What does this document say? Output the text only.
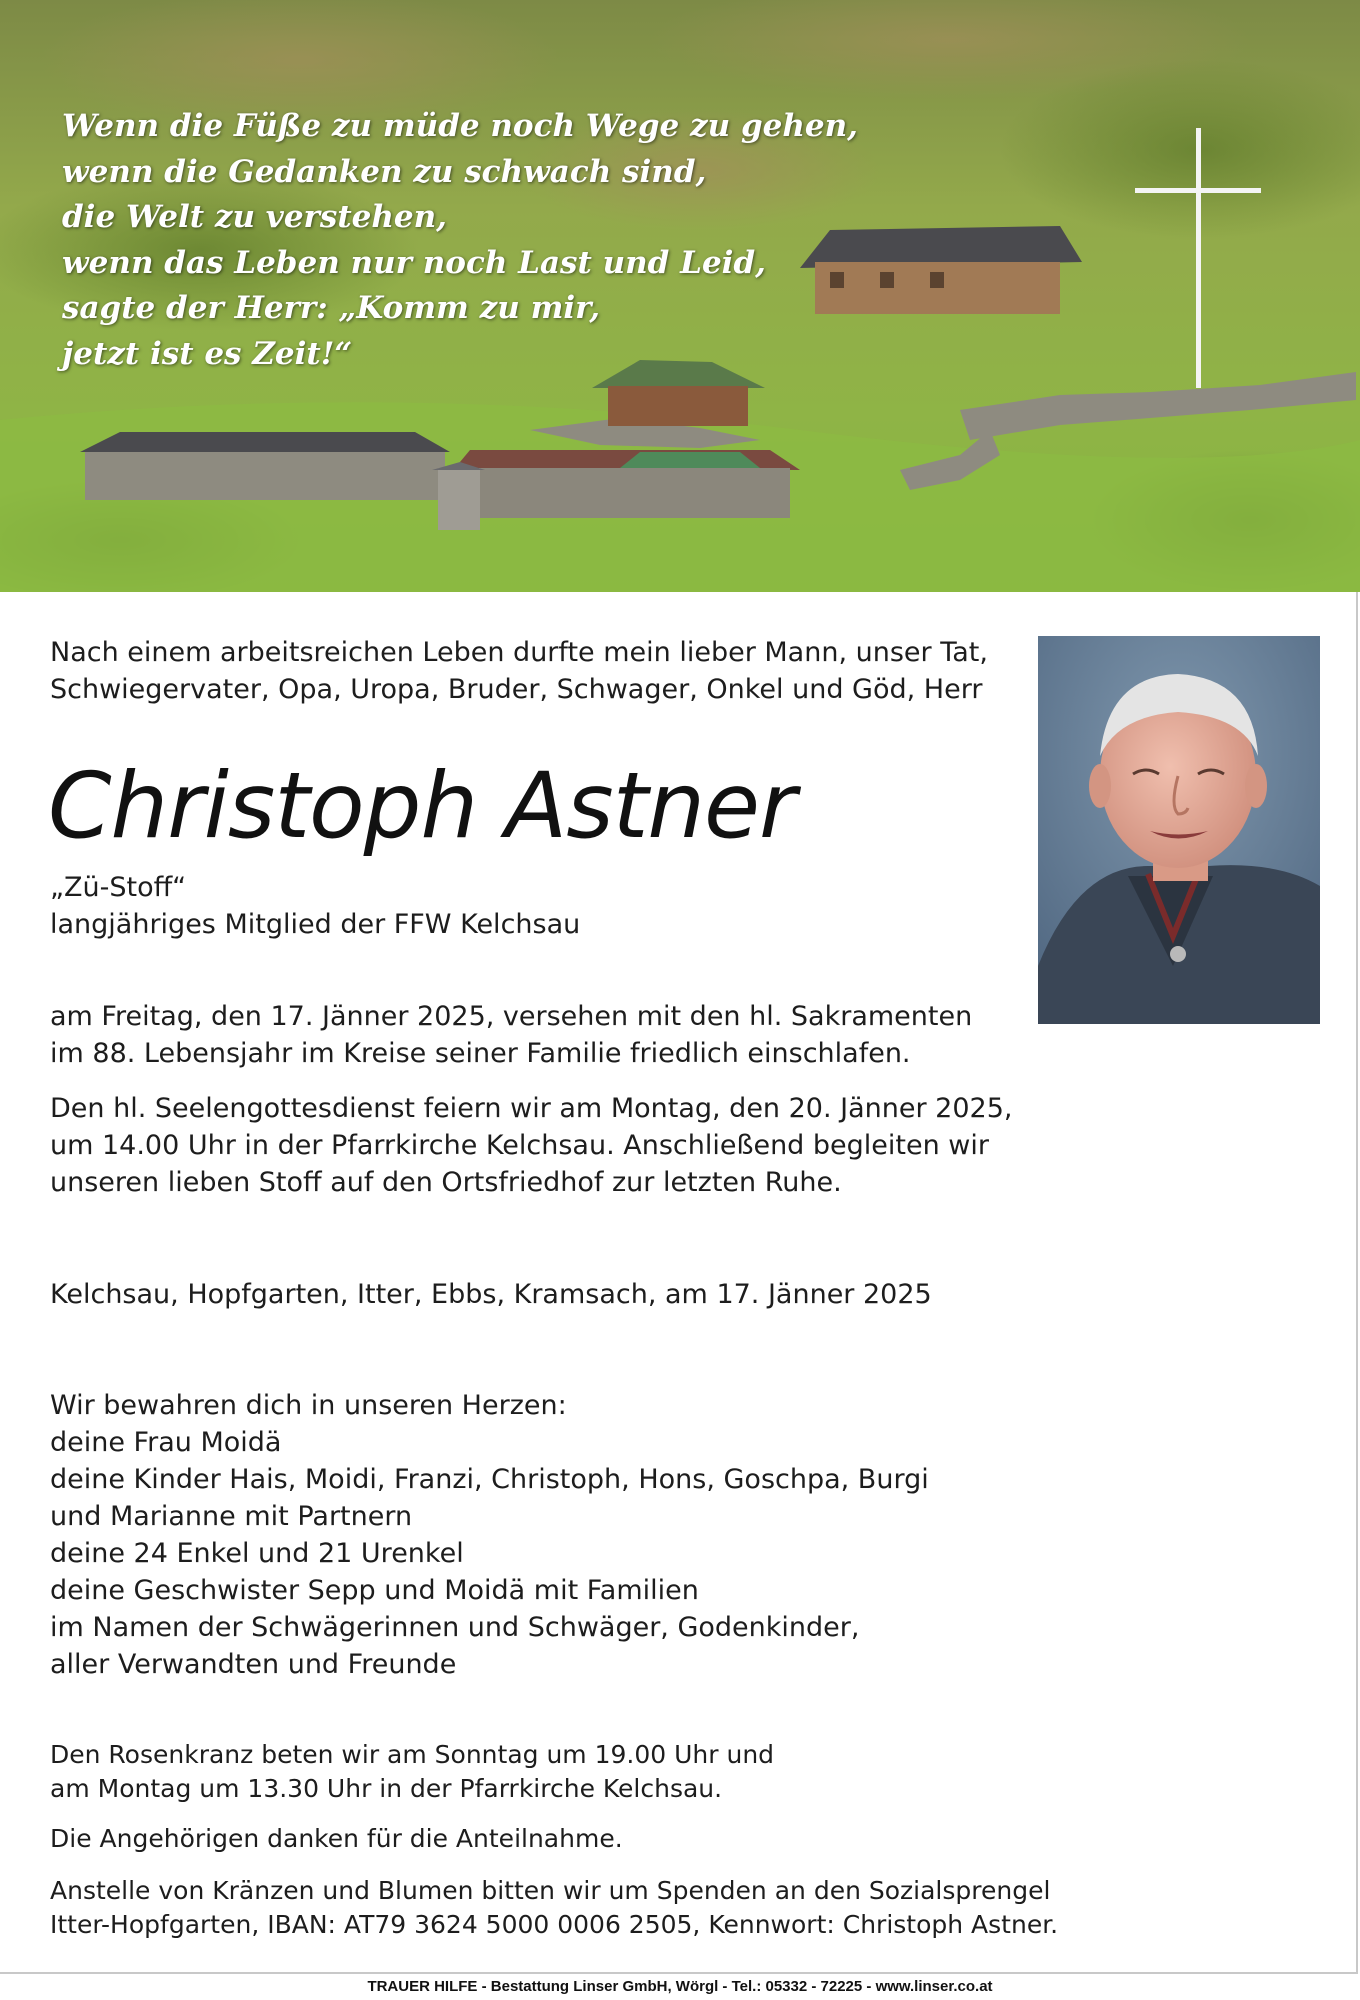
Wenn die Füße zu müde noch Wege zu gehen,
wenn die Gedanken zu schwach sind,
die Welt zu verstehen,
wenn das Leben nur noch Last und Leid,
sagte der Herr: „Komm zu mir,
jetzt ist es Zeit!“
Nach einem arbeitsreichen Leben durfte mein lieber Mann, unser Tat,
Schwiegervater, Opa, Uropa, Bruder, Schwager, Onkel und Göd, Herr
Christoph Astner
„Zü-Stoff“
langjähriges Mitglied der FFW Kelchsau
am Freitag, den 17. Jänner 2025, versehen mit den hl. Sakramenten
im 88. Lebensjahr im Kreise seiner Familie friedlich einschlafen.
Den hl. Seelengottesdienst feiern wir am Montag, den 20. Jänner 2025,
um 14.00 Uhr in der Pfarrkirche Kelchsau. Anschließend begleiten wir
unseren lieben Stoff auf den Ortsfriedhof zur letzten Ruhe.
Kelchsau, Hopfgarten, Itter, Ebbs, Kramsach, am 17. Jänner 2025
Wir bewahren dich in unseren Herzen:
deine Frau Moidä
deine Kinder Hais, Moidi, Franzi, Christoph, Hons, Goschpa, Burgi
und Marianne mit Partnern
deine 24 Enkel und 21 Urenkel
deine Geschwister Sepp und Moidä mit Familien
im Namen der Schwägerinnen und Schwäger, Godenkinder,
aller Verwandten und Freunde
Den Rosenkranz beten wir am Sonntag um 19.00 Uhr und
am Montag um 13.30 Uhr in der Pfarrkirche Kelchsau.
Die Angehörigen danken für die Anteilnahme.
Anstelle von Kränzen und Blumen bitten wir um Spenden an den Sozialsprengel
Itter-Hopfgarten, IBAN: AT79 3624 5000 0006 2505, Kennwort: Christoph Astner.
TRAUER HILFE - Bestattung Linser GmbH, Wörgl - Tel.: 05332 - 72225 - www.linser.co.at
